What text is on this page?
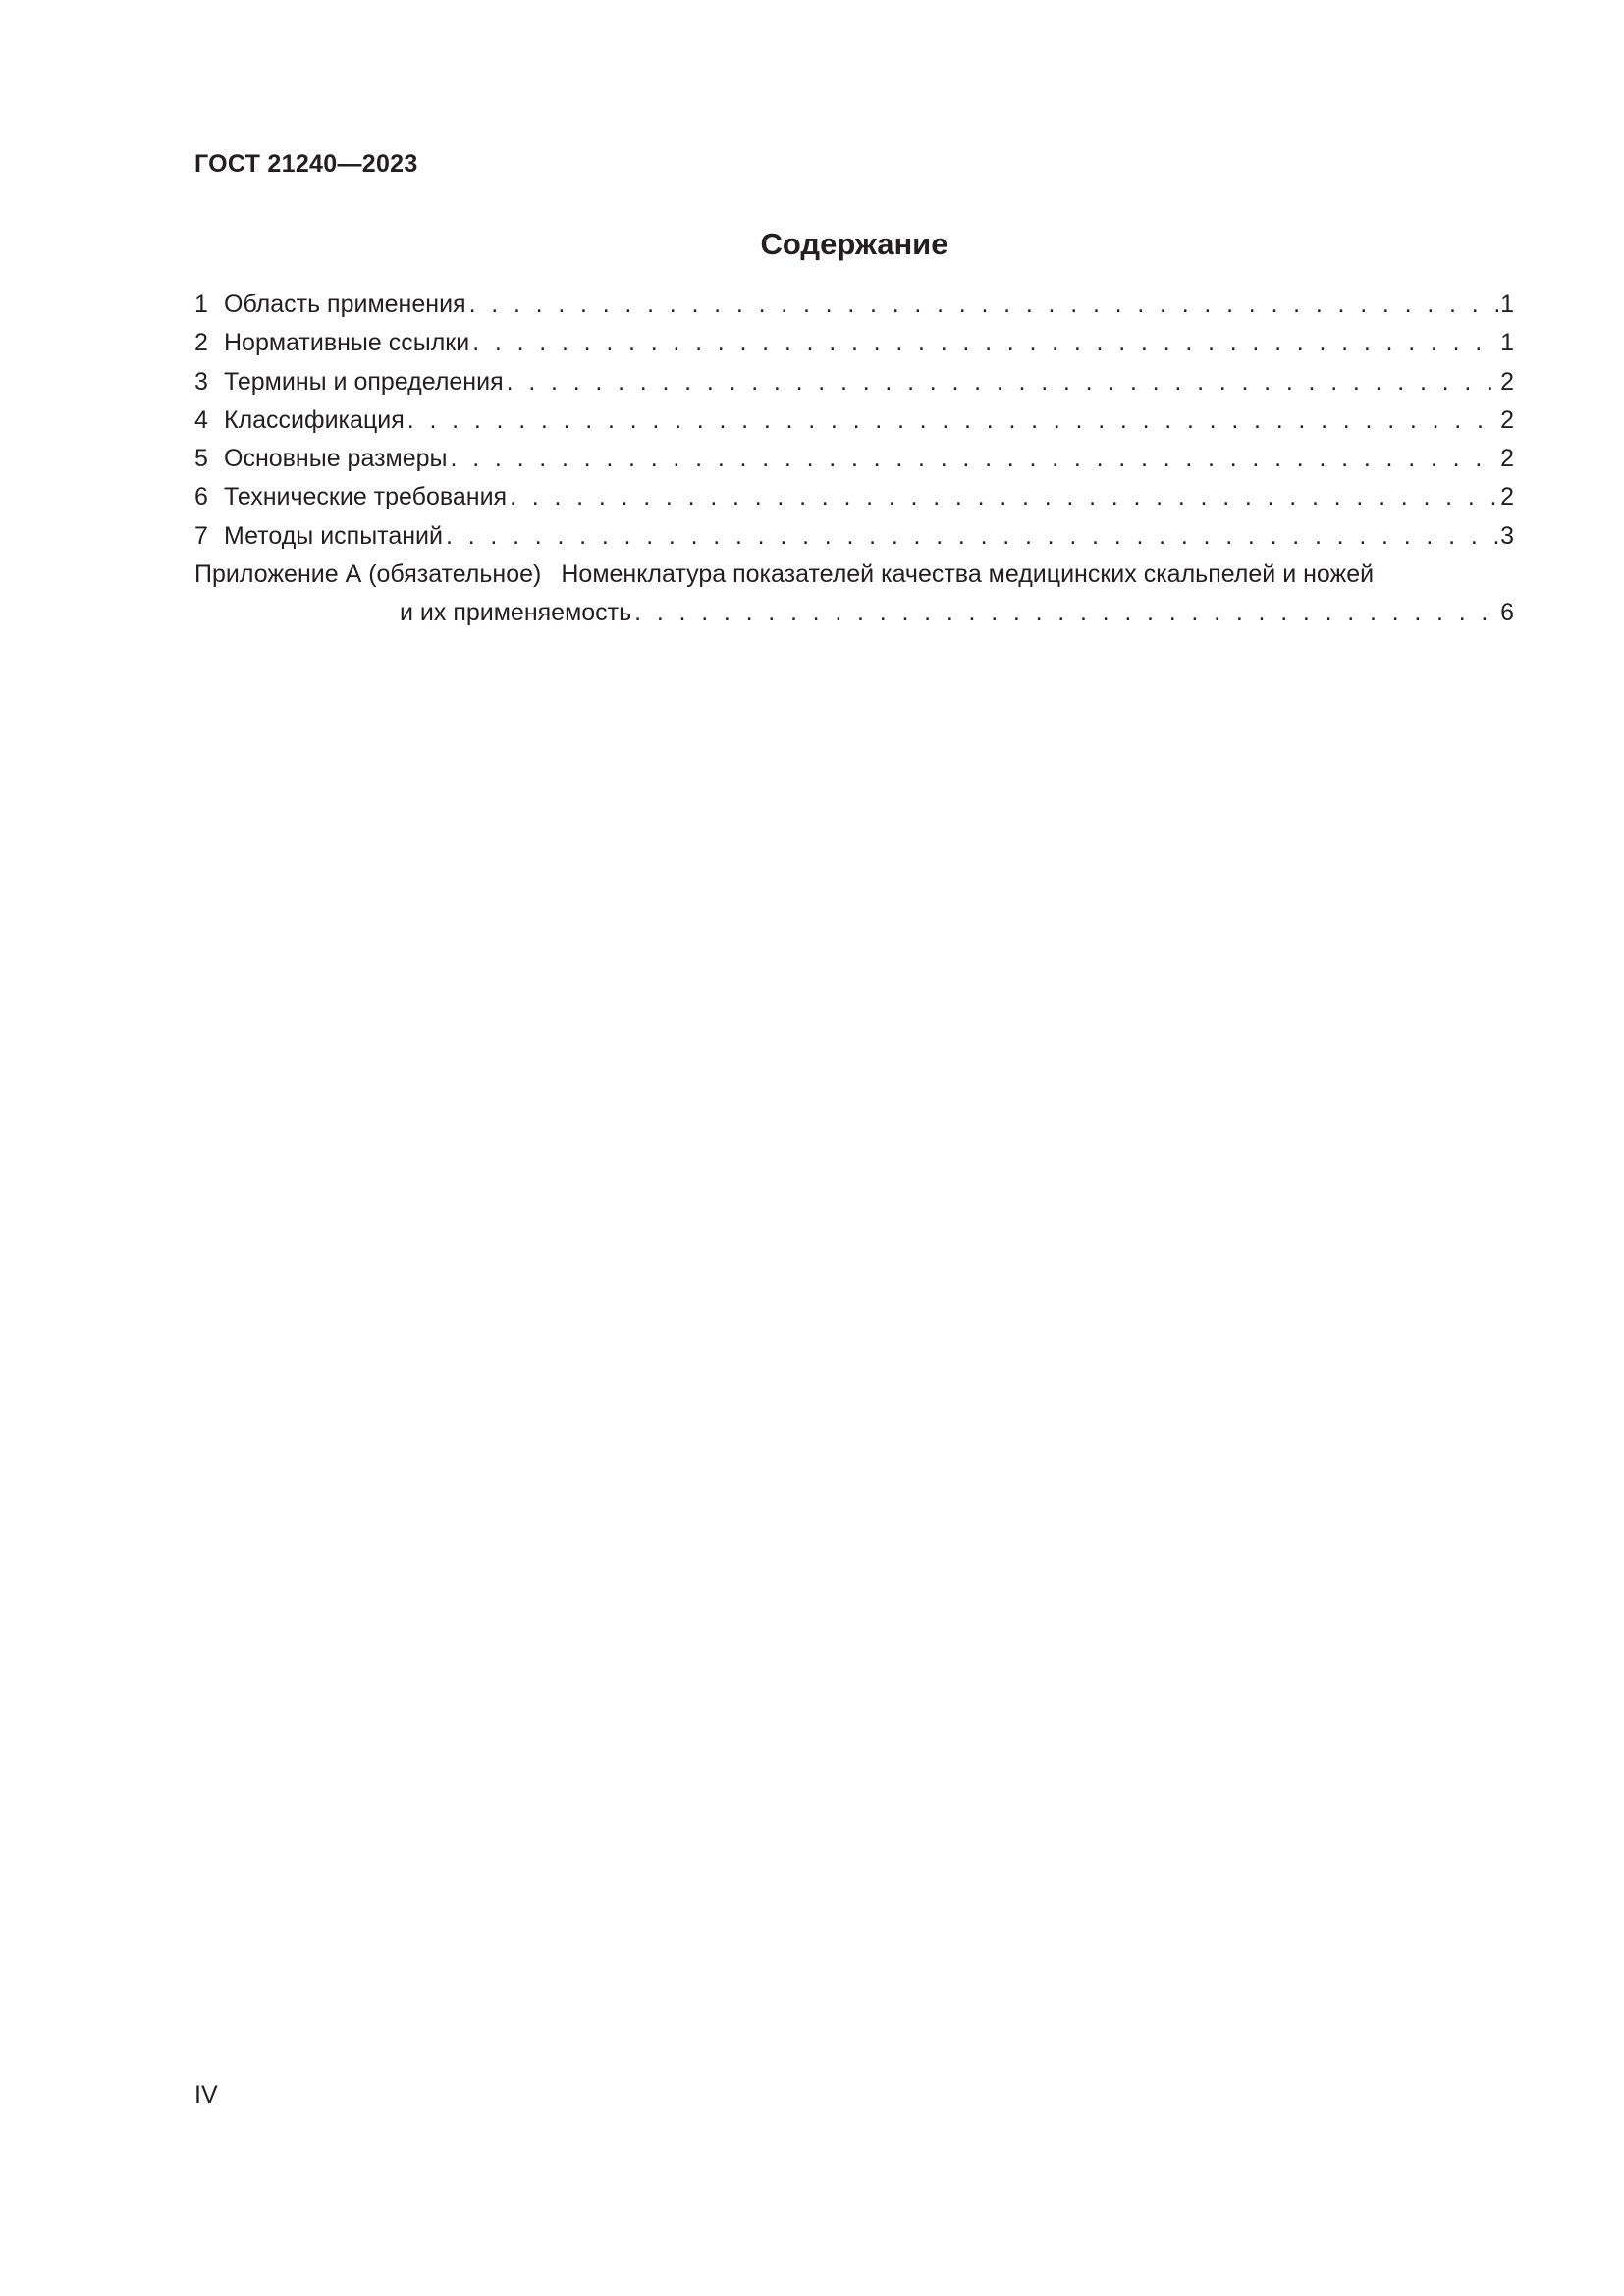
ГОСТ 21240—2023
Содержание
1 Область применения . . .	1
2 Нормативные ссылки . . .	1
3 Термины и определения . . .	2
4 Классификация . . .	2
5 Основные размеры . . .	2
6 Технические требования . . .	2
7 Методы испытаний . . .	3
Приложение А (обязательное) Номенклатура показателей качества медицинских скальпелей и ножей
и их применяемость . . .	6
IV
